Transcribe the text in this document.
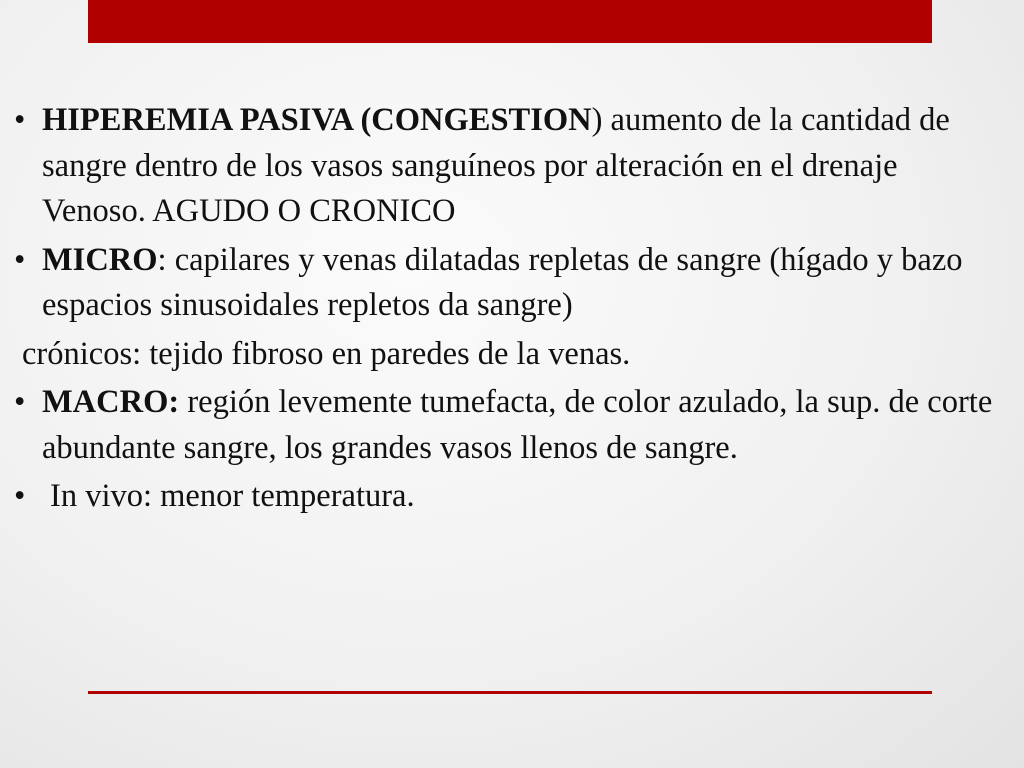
• HIPEREMIA PASIVA (CONGESTION) aumento de la cantidad de sangre dentro de los vasos sanguíneos por alteración en el drenaje Venoso. AGUDO O CRONICO
• MICRO: capilares y venas dilatadas repletas de sangre (hígado y bazo espacios sinusoidales repletos da sangre)
crónicos: tejido fibroso en paredes de la venas.
• MACRO: región levemente tumefacta, de color azulado, la sup. de corte abundante sangre, los grandes vasos llenos de sangre.
• In vivo: menor temperatura.
